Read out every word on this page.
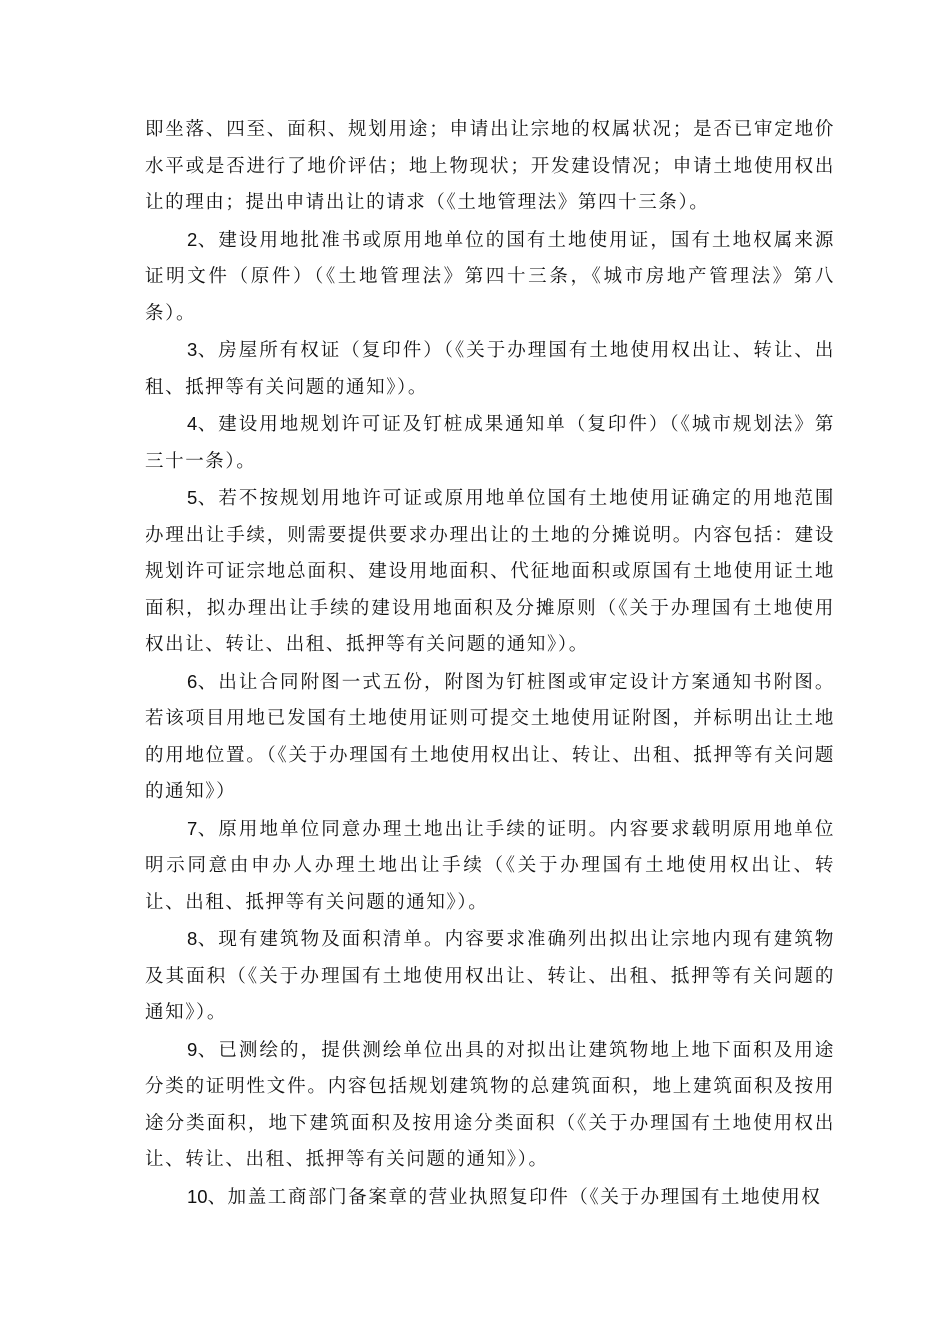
即坐落、四至、面积、规划用途；申请出让宗地的权属状况；是否已审定地价水平或是否进行了地价评估；地上物现状；开发建设情况；申请土地使用权出让的理由；提出申请出让的请求（《土地管理法》第四十三条）。

2、建设用地批准书或原用地单位的国有土地使用证，国有土地权属来源证明文件（原件）（《土地管理法》第四十三条，《城市房地产管理法》第八条）。

3、房屋所有权证（复印件）（《关于办理国有土地使用权出让、转让、出租、抵押等有关问题的通知》）。

4、建设用地规划许可证及钉桩成果通知单（复印件）（《城市规划法》第三十一条）。

5、若不按规划用地许可证或原用地单位国有土地使用证确定的用地范围办理出让手续，则需要提供要求办理出让的土地的分摊说明。内容包括：建设规划许可证宗地总面积、建设用地面积、代征地面积或原国有土地使用证土地面积，拟办理出让手续的建设用地面积及分摊原则（《关于办理国有土地使用权出让、转让、出租、抵押等有关问题的通知》）。

6、出让合同附图一式五份，附图为钉桩图或审定设计方案通知书附图。若该项目用地已发国有土地使用证则可提交土地使用证附图，并标明出让土地的用地位置。（《关于办理国有土地使用权出让、转让、出租、抵押等有关问题的通知》）

7、原用地单位同意办理土地出让手续的证明。内容要求载明原用地单位明示同意由申办人办理土地出让手续（《关于办理国有土地使用权出让、转让、出租、抵押等有关问题的通知》）。

8、现有建筑物及面积清单。内容要求准确列出拟出让宗地内现有建筑物及其面积（《关于办理国有土地使用权出让、转让、出租、抵押等有关问题的通知》）。

9、已测绘的，提供测绘单位出具的对拟出让建筑物地上地下面积及用途分类的证明性文件。内容包括规划建筑物的总建筑面积，地上建筑面积及按用途分类面积，地下建筑面积及按用途分类面积（《关于办理国有土地使用权出让、转让、出租、抵押等有关问题的通知》）。

10、加盖工商部门备案章的营业执照复印件（《关于办理国有土地使用权
